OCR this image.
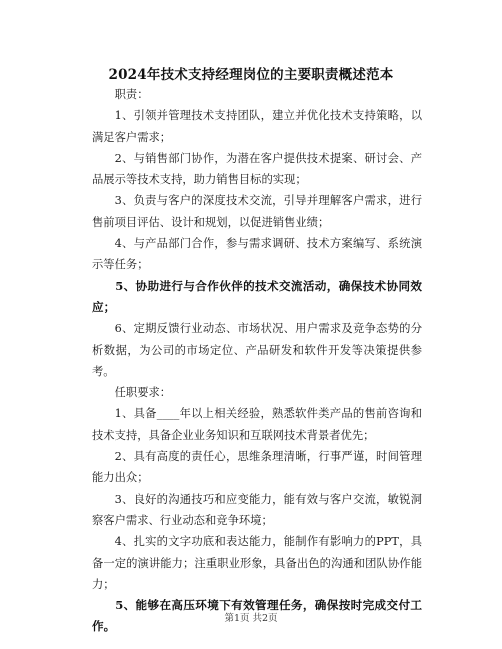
2024年技术支持经理岗位的主要职责概述范本

职责：

1、引领并管理技术支持团队，建立并优化技术支持策略，以满足客户需求；

2、与销售部门协作，为潜在客户提供技术提案、研讨会、产品展示等技术支持，助力销售目标的实现；

3、负责与客户的深度技术交流，引导并理解客户需求，进行售前项目评估、设计和规划，以促进销售业绩；

4、与产品部门合作，参与需求调研、技术方案编写、系统演示等任务；

5、协助进行与合作伙伴的技术交流活动，确保技术协同效应；

6、定期反馈行业动态、市场状况、用户需求及竞争态势的分析数据，为公司的市场定位、产品研发和软件开发等决策提供参考。

任职要求：

1、具备____年以上相关经验，熟悉软件类产品的售前咨询和技术支持，具备企业业务知识和互联网技术背景者优先；

2、具有高度的责任心，思维条理清晰，行事严谨，时间管理能力出众；

3、良好的沟通技巧和应变能力，能有效与客户交流，敏锐洞察客户需求、行业动态和竞争环境；

4、扎实的文字功底和表达能力，能制作有影响力的PPT，具备一定的演讲能力；注重职业形象，具备出色的沟通和团队协作能力；

5、能够在高压环境下有效管理任务，确保按时完成交付工作。

第1页 共2页
